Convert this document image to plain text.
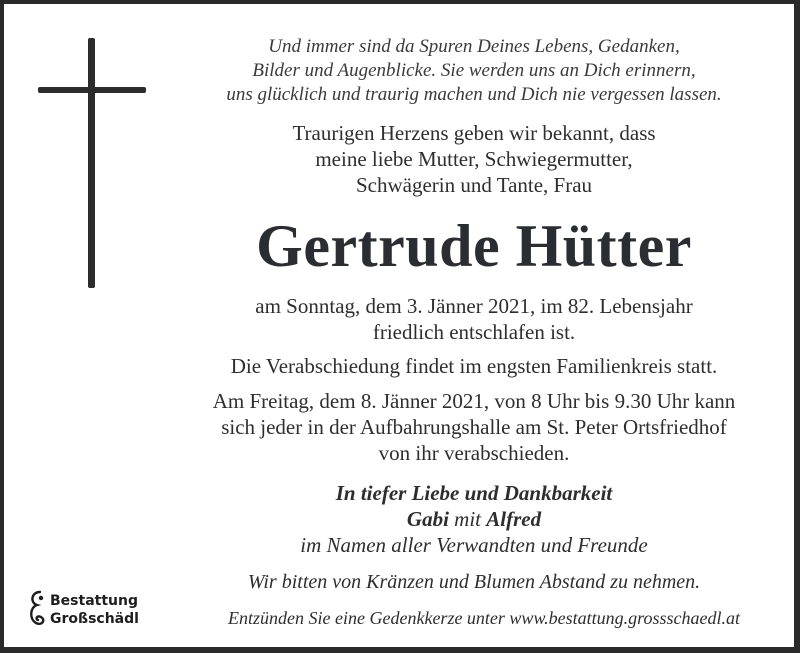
Und immer sind da Spuren Deines Lebens, Gedanken,
Bilder und Augenblicke. Sie werden uns an Dich erinnern,
uns glücklich und traurig machen und Dich nie vergessen lassen.
Traurigen Herzens geben wir bekannt, dass
meine liebe Mutter, Schwiegermutter,
Schwägerin und Tante, Frau
Gertrude Hütter
am Sonntag, dem 3. Jänner 2021, im 82. Lebensjahr
friedlich entschlafen ist.
Die Verabschiedung findet im engsten Familienkreis statt.
Am Freitag, dem 8. Jänner 2021, von 8 Uhr bis 9.30 Uhr kann
sich jeder in der Aufbahrungshalle am St. Peter Ortsfriedhof
von ihr verabschieden.
In tiefer Liebe und Dankbarkeit
Gabi mit Alfred
im Namen aller Verwandten und Freunde
Wir bitten von Kränzen und Blumen Abstand zu nehmen.
Entzünden Sie eine Gedenkkerze unter www.bestattung.grossschaedl.at
Bestattung
Großschädl
